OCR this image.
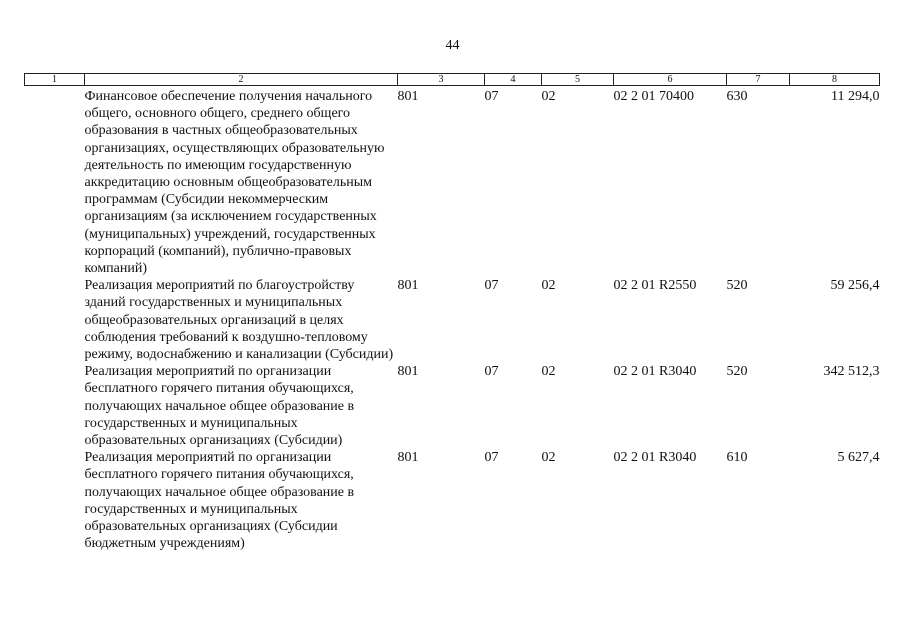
44
1	2	3	4	5	6	7	8
	Финансовое обеспечение получения начального общего, основного общего, среднего общего образования в частных общеобразовательных организациях, осуществляющих образовательную деятельность по имеющим государственную аккредитацию основным общеобразовательным программам (Субсидии некоммерческим организациям (за исключением государственных (муниципальных) учреждений, государственных корпораций (компаний), публично-правовых компаний)	801	07	02	02 2 01 70400	630	11 294,0
	Реализация мероприятий по благоустройству зданий государственных и муниципальных общеобразовательных организаций в целях соблюдения требований к воздушно-тепловому режиму, водоснабжению и канализации (Субсидии)	801	07	02	02 2 01 R2550	520	59 256,4
	Реализация мероприятий по организации бесплатного горячего питания обучающихся, получающих начальное общее образование в государственных и муниципальных образовательных организациях (Субсидии)	801	07	02	02 2 01 R3040	520	342 512,3
	Реализация мероприятий по организации бесплатного горячего питания обучающихся, получающих начальное общее образование в государственных и муниципальных образовательных организациях (Субсидии бюджетным учреждениям)	801	07	02	02 2 01 R3040	610	5 627,4
